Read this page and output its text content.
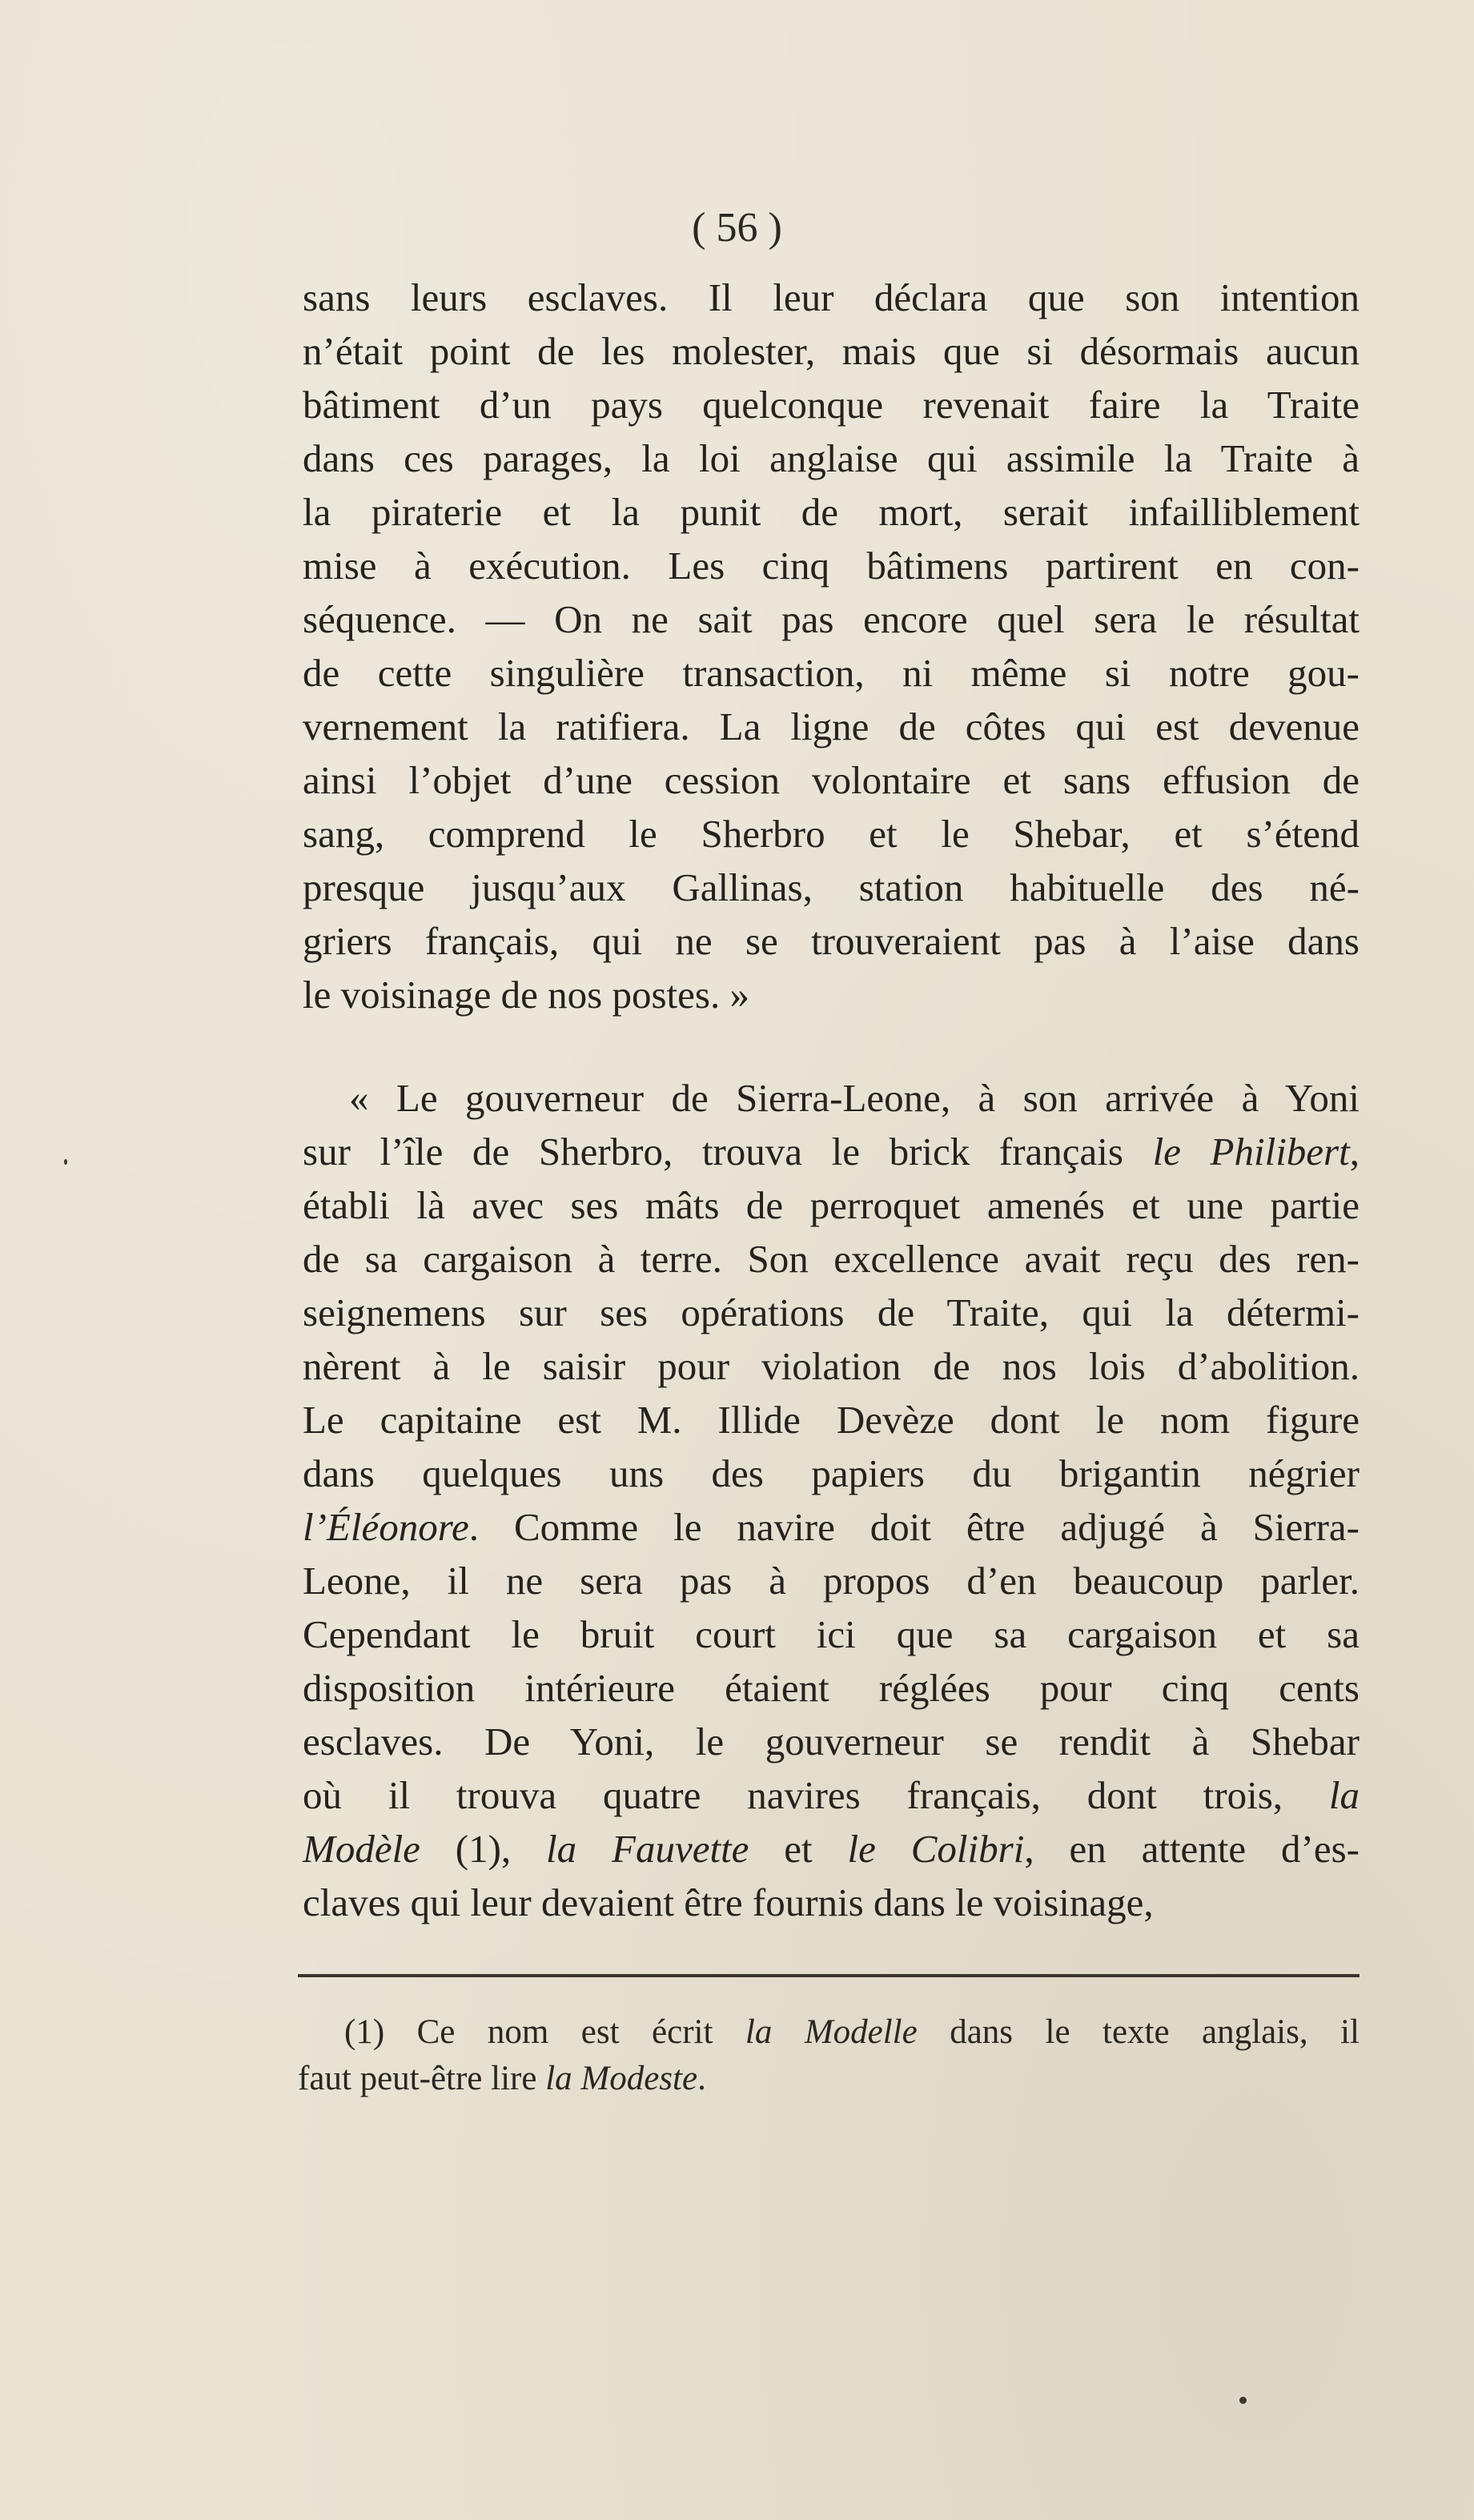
( 56 )
sans leurs esclaves. Il leur déclara que son intention
n’était point de les molester, mais que si désormais aucun
bâtiment d’un pays quelconque revenait faire la Traite
dans ces parages, la loi anglaise qui assimile la Traite à
la piraterie et la punit de mort, serait infailliblement
mise à exécution. Les cinq bâtimens partirent en con-
séquence. — On ne sait pas encore quel sera le résultat
de cette singulière transaction, ni même si notre gou-
vernement la ratifiera. La ligne de côtes qui est devenue
ainsi l’objet d’une cession volontaire et sans effusion de
sang, comprend le Sherbro et le Shebar, et s’étend
presque jusqu’aux Gallinas, station habituelle des né-
griers français, qui ne se trouveraient pas à l’aise dans
le voisinage de nos postes. »
« Le gouverneur de Sierra-Leone, à son arrivée à Yoni
sur l’île de Sherbro, trouva le brick français le Philibert,
établi là avec ses mâts de perroquet amenés et une partie
de sa cargaison à terre. Son excellence avait reçu des ren-
seignemens sur ses opérations de Traite, qui la détermi-
nèrent à le saisir pour violation de nos lois d’abolition.
Le capitaine est M. Illide Devèze dont le nom figure
dans quelques uns des papiers du brigantin négrier
l’Éléonore. Comme le navire doit être adjugé à Sierra-
Leone, il ne sera pas à propos d’en beaucoup parler.
Cependant le bruit court ici que sa cargaison et sa
disposition intérieure étaient réglées pour cinq cents
esclaves. De Yoni, le gouverneur se rendit à Shebar
où il trouva quatre navires français, dont trois, la
Modèle (1), la Fauvette et le Colibri, en attente d’es-
claves qui leur devaient être fournis dans le voisinage,
(1) Ce nom est écrit la Modelle dans le texte anglais, il
faut peut-être lire la Modeste.
